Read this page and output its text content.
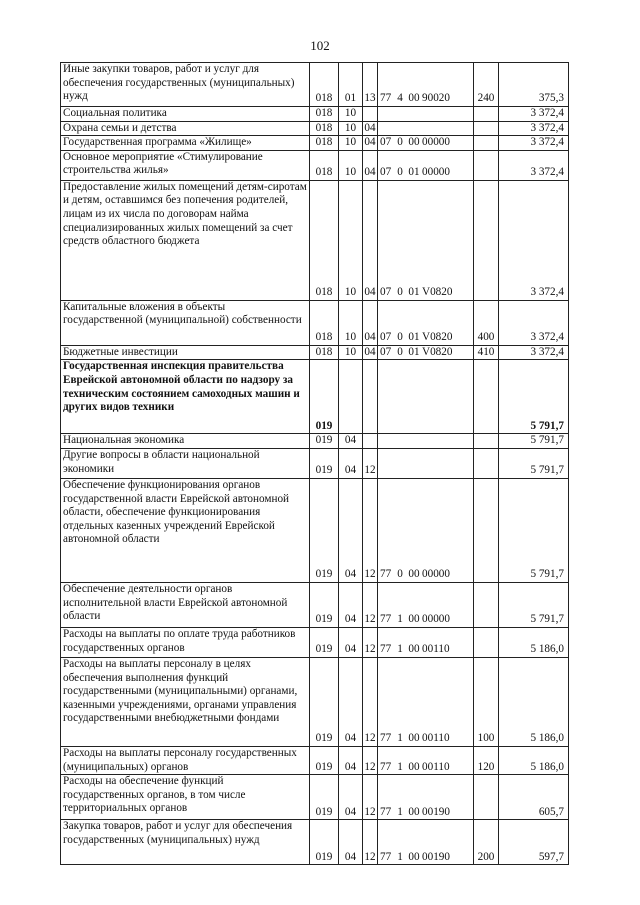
102
Иные закупки товаров, работ и услуг для обеспечения государственных (муниципальных) нужд	018	01	13	77 4 00 90020	240	375,3
Социальная политика	018	10				3 372,4
Охрана семьи и детства	018	10	04			3 372,4
Государственная программа «Жилище»	018	10	04	07 0 00 00000		3 372,4
Основное мероприятие «Стимулирование строительства жилья»	018	10	04	07 0 01 00000		3 372,4
Предоставление жилых помещений детям-сиротам и детям, оставшимся без попечения родителей, лицам из их числа по договорам найма специализированных жилых помещений за счет средств областного бюджета	018	10	04	07 0 01 V0820		3 372,4
Капитальные вложения в объекты государственной (муниципальной) собственности	018	10	04	07 0 01 V0820	400	3 372,4
Бюджетные инвестиции	018	10	04	07 0 01 V0820	410	3 372,4
Государственная инспекция правительства Еврейской автономной области по надзору за техническим состоянием самоходных машин и других видов техники	019					5 791,7
Национальная экономика	019	04				5 791,7
Другие вопросы в области национальной экономики	019	04	12			5 791,7
Обеспечение функционирования органов государственной власти Еврейской автономной области, обеспечение функционирования отдельных казенных учреждений Еврейской автономной области	019	04	12	77 0 00 00000		5 791,7
Обеспечение деятельности органов исполнительной власти Еврейской автономной области	019	04	12	77 1 00 00000		5 791,7
Расходы на выплаты по оплате труда работников государственных органов	019	04	12	77 1 00 00110		5 186,0
Расходы на выплаты персоналу в целях обеспечения выполнения функций государственными (муниципальными) органами, казенными учреждениями, органами управления государственными внебюджетными фондами	019	04	12	77 1 00 00110	100	5 186,0
Расходы на выплаты персоналу государственных (муниципальных) органов	019	04	12	77 1 00 00110	120	5 186,0
Расходы на обеспечение функций государственных органов, в том числе территориальных органов	019	04	12	77 1 00 00190		605,7
Закупка товаров, работ и услуг для обеспечения государственных (муниципальных) нужд	019	04	12	77 1 00 00190	200	597,7
